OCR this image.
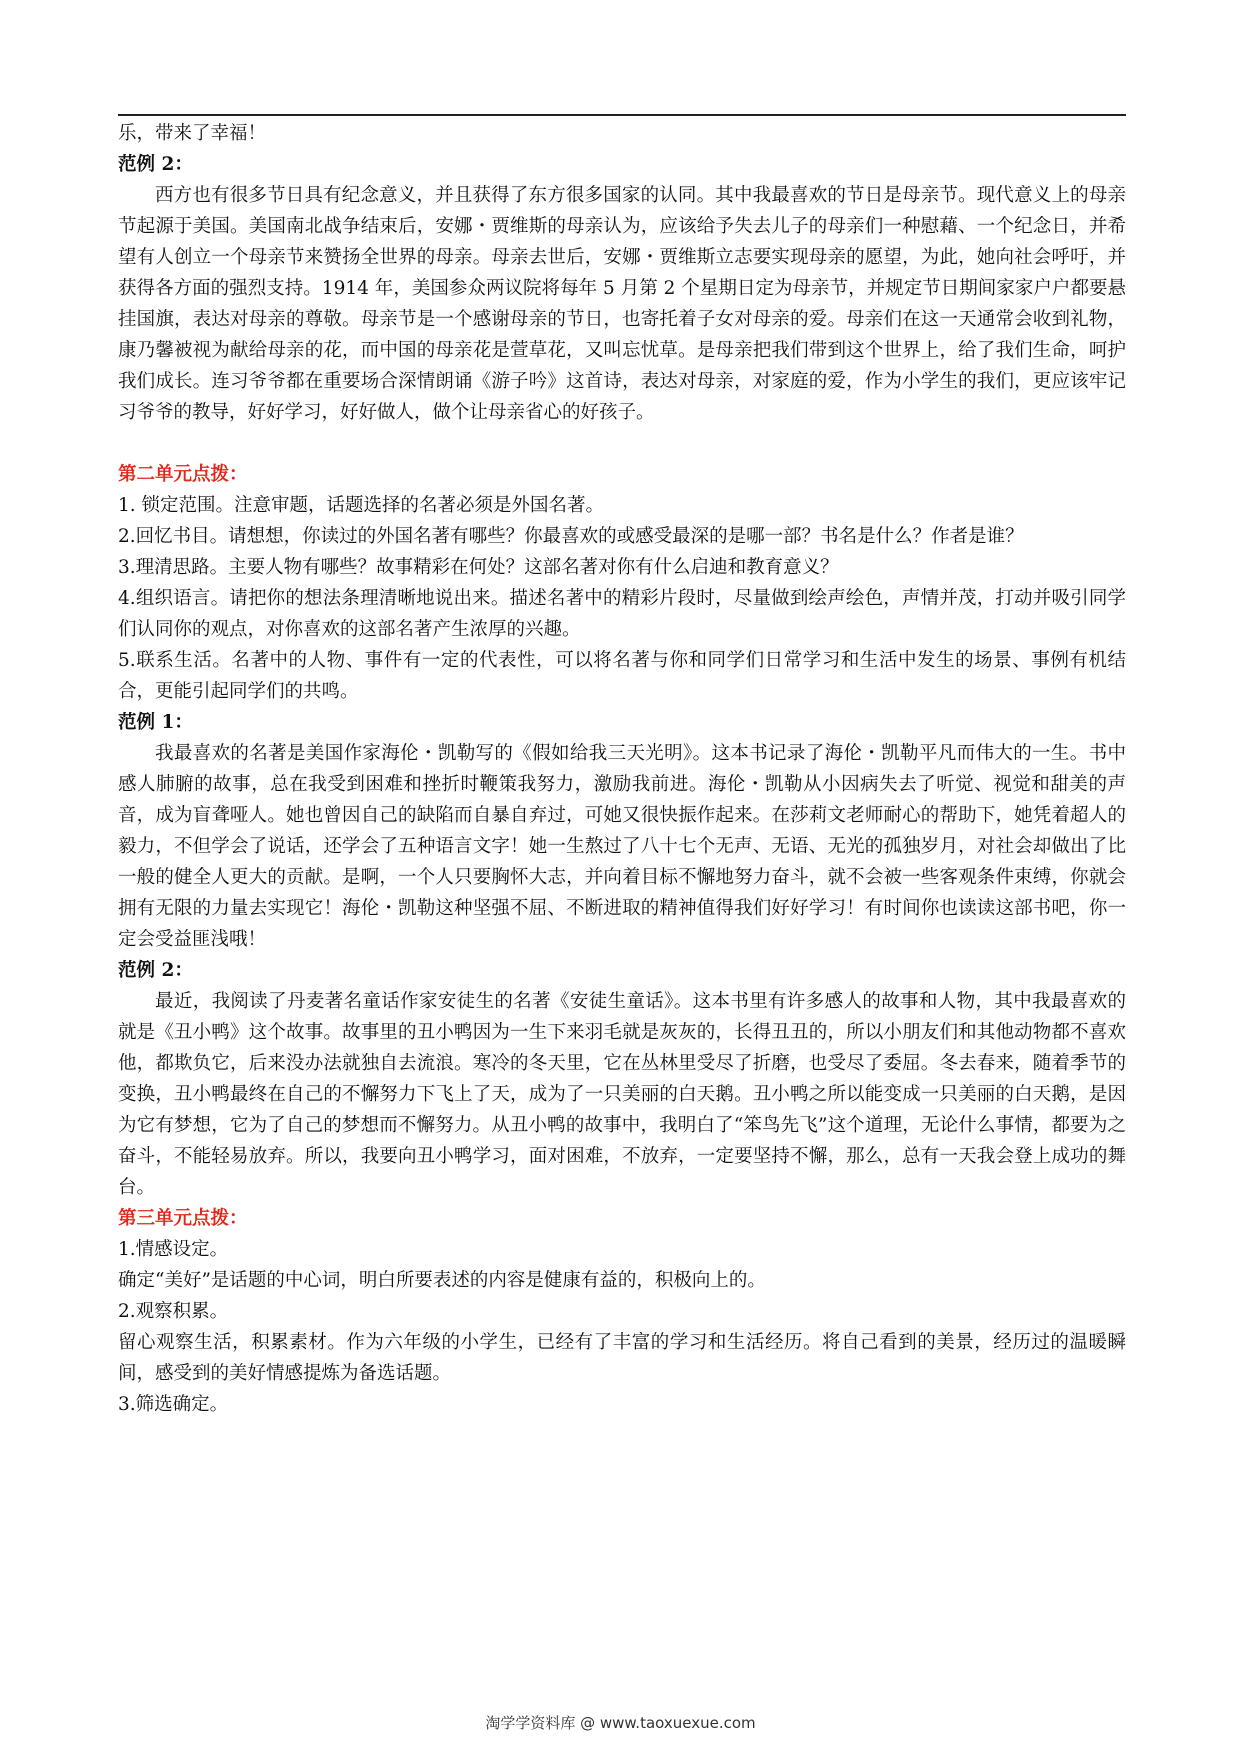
乐，带来了幸福！

范例 2：

西方也有很多节日具有纪念意义，并且获得了东方很多国家的认同。其中我最喜欢的节日是母亲节。现代意义上的母亲节起源于美国。美国南北战争结束后，安娜・贾维斯的母亲认为，应该给予失去儿子的母亲们一种慰藉、一个纪念日，并希望有人创立一个母亲节来赞扬全世界的母亲。母亲去世后，安娜・贾维斯立志要实现母亲的愿望，为此，她向社会呼吁，并获得各方面的强烈支持。1914 年，美国参众两议院将每年 5 月第 2 个星期日定为母亲节，并规定节日期间家家户户都要悬挂国旗，表达对母亲的尊敬。母亲节是一个感谢母亲的节日，也寄托着子女对母亲的爱。母亲们在这一天通常会收到礼物，康乃馨被视为献给母亲的花，而中国的母亲花是萱草花，又叫忘忧草。是母亲把我们带到这个世界上，给了我们生命，呵护我们成长。连习爷爷都在重要场合深情朗诵《游子吟》这首诗，表达对母亲，对家庭的爱，作为小学生的我们，更应该牢记习爷爷的教导，好好学习，好好做人，做个让母亲省心的好孩子。

第二单元点拨：

1. 锁定范围。注意审题，话题选择的名著必须是外国名著。

2.回忆书目。请想想，你读过的外国名著有哪些？你最喜欢的或感受最深的是哪一部？书名是什么？作者是谁？

3.理清思路。主要人物有哪些？故事精彩在何处？这部名著对你有什么启迪和教育意义？

4.组织语言。请把你的想法条理清晰地说出来。描述名著中的精彩片段时，尽量做到绘声绘色，声情并茂，打动并吸引同学们认同你的观点，对你喜欢的这部名著产生浓厚的兴趣。

5.联系生活。名著中的人物、事件有一定的代表性，可以将名著与你和同学们日常学习和生活中发生的场景、事例有机结合，更能引起同学们的共鸣。

范例 1：

我最喜欢的名著是美国作家海伦・凯勒写的《假如给我三天光明》。这本书记录了海伦・凯勒平凡而伟大的一生。书中感人肺腑的故事，总在我受到困难和挫折时鞭策我努力，激励我前进。海伦・凯勒从小因病失去了听觉、视觉和甜美的声音，成为盲聋哑人。她也曾因自己的缺陷而自暴自弃过，可她又很快振作起来。在莎莉文老师耐心的帮助下，她凭着超人的毅力，不但学会了说话，还学会了五种语言文字！她一生熬过了八十七个无声、无语、无光的孤独岁月，对社会却做出了比一般的健全人更大的贡献。是啊，一个人只要胸怀大志，并向着目标不懈地努力奋斗，就不会被一些客观条件束缚，你就会拥有无限的力量去实现它！海伦・凯勒这种坚强不屈、不断进取的精神值得我们好好学习！有时间你也读读这部书吧，你一定会受益匪浅哦！

范例 2：

最近，我阅读了丹麦著名童话作家安徒生的名著《安徒生童话》。这本书里有许多感人的故事和人物，其中我最喜欢的就是《丑小鸭》这个故事。故事里的丑小鸭因为一生下来羽毛就是灰灰的，长得丑丑的，所以小朋友们和其他动物都不喜欢他，都欺负它，后来没办法就独自去流浪。寒冷的冬天里，它在丛林里受尽了折磨，也受尽了委屈。冬去春来，随着季节的变换，丑小鸭最终在自己的不懈努力下飞上了天，成为了一只美丽的白天鹅。丑小鸭之所以能变成一只美丽的白天鹅，是因为它有梦想，它为了自己的梦想而不懈努力。从丑小鸭的故事中，我明白了“笨鸟先飞”这个道理，无论什么事情，都要为之奋斗，不能轻易放弃。所以，我要向丑小鸭学习，面对困难，不放弃，一定要坚持不懈，那么，总有一天我会登上成功的舞台。

第三单元点拨：

1.情感设定。

确定“美好”是话题的中心词，明白所要表述的内容是健康有益的，积极向上的。

2.观察积累。

留心观察生活，积累素材。作为六年级的小学生，已经有了丰富的学习和生活经历。将自己看到的美景，经历过的温暖瞬间，感受到的美好情感提炼为备选话题。

3.筛选确定。

淘学学资料库 @ www.taoxuexue.com
